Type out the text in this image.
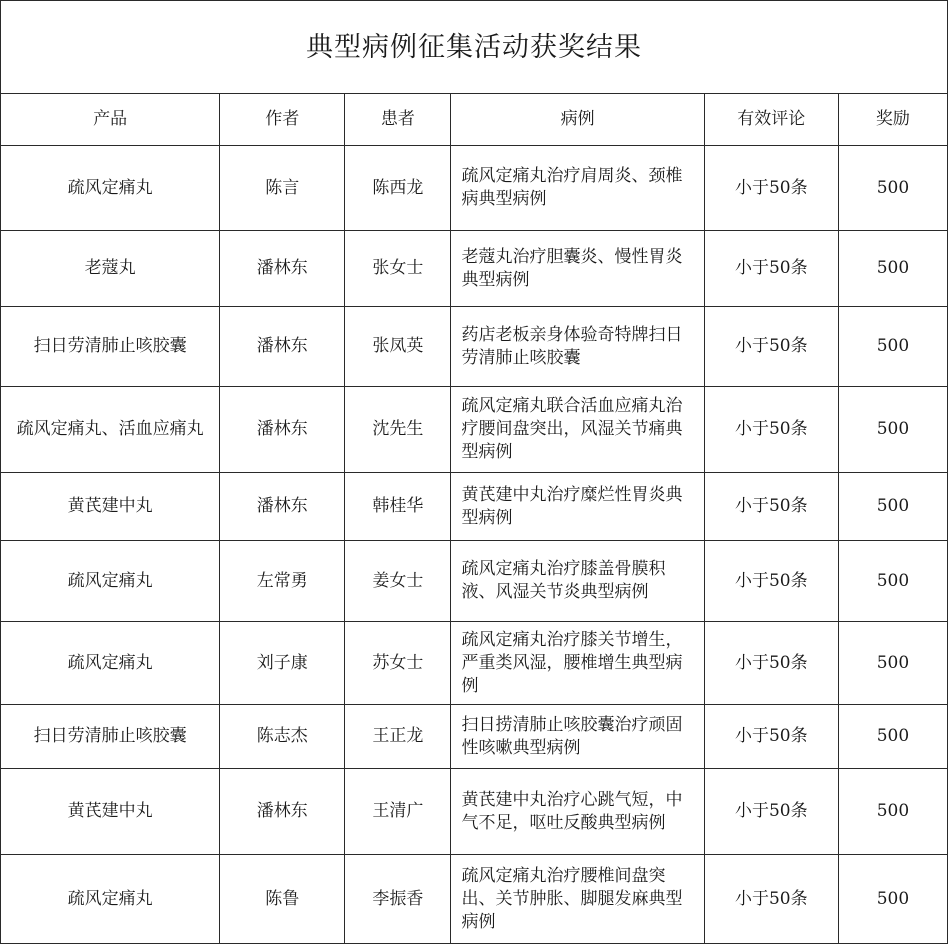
典型病例征集活动获奖结果					
产品	作者	患者	病例	有效评论	奖励
疏风定痛丸	陈言	陈西龙	疏风定痛丸治疗肩周炎、颈椎病典型病例	小于50条	500
老蔻丸	潘林东	张女士	老蔻丸治疗胆囊炎、慢性胃炎典型病例	小于50条	500
扫日劳清肺止咳胶囊	潘林东	张凤英	药店老板亲身体验奇特牌扫日劳清肺止咳胶囊	小于50条	500
疏风定痛丸、活血应痛丸	潘林东	沈先生	疏风定痛丸联合活血应痛丸治疗腰间盘突出，风湿关节痛典型病例	小于50条	500
黄芪建中丸	潘林东	韩桂华	黄芪建中丸治疗糜烂性胃炎典型病例	小于50条	500
疏风定痛丸	左常勇	姜女士	疏风定痛丸治疗膝盖骨膜积液、风湿关节炎典型病例	小于50条	500
疏风定痛丸	刘子康	苏女士	疏风定痛丸治疗膝关节增生，严重类风湿，腰椎增生典型病例	小于50条	500
扫日劳清肺止咳胶囊	陈志杰	王正龙	扫日捞清肺止咳胶囊治疗顽固性咳嗽典型病例	小于50条	500
黄芪建中丸	潘林东	王清广	黄芪建中丸治疗心跳气短，中气不足，呕吐反酸典型病例	小于50条	500
疏风定痛丸	陈鲁	李振香	疏风定痛丸治疗腰椎间盘突出、关节肿胀、脚腿发麻典型病例	小于50条	500
